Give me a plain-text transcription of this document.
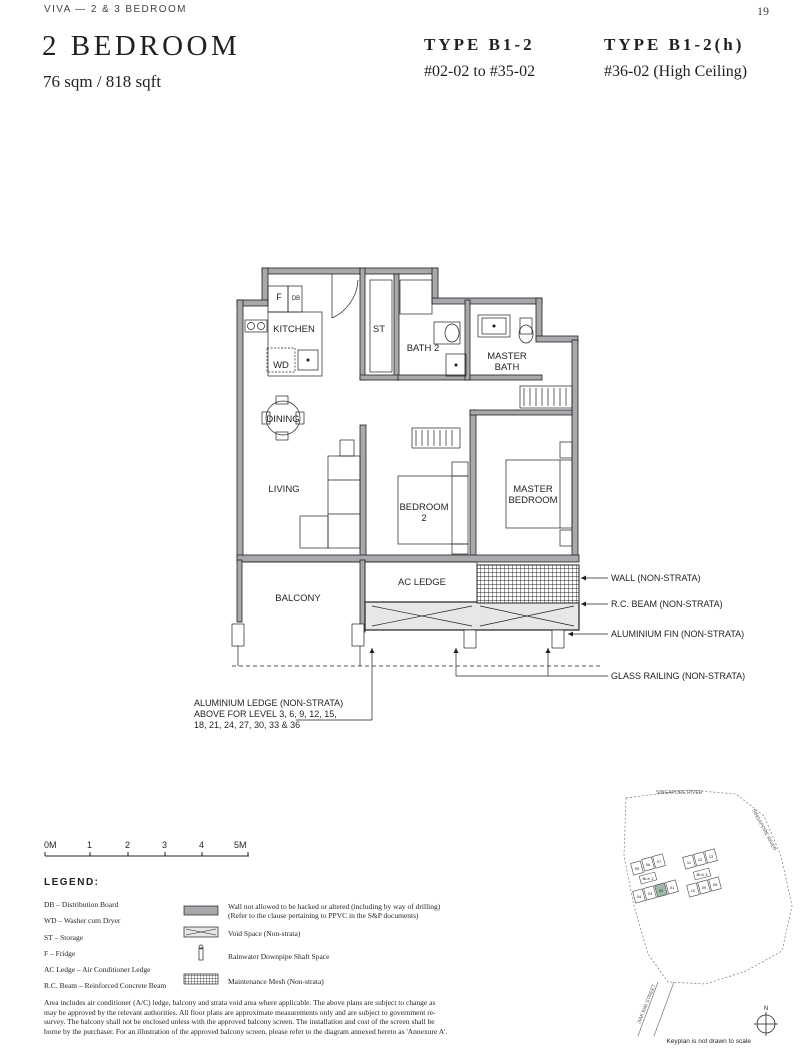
VIVA — 2 & 3 BEDROOM	19
2 BEDROOM
76 sqm / 818 sqft
TYPE B1-2
#02-02 to #35-02
TYPE B1-2(h)
#36-02 (High Ceiling)
F DB
KITCHEN
WD
ST
BATH 2
MASTER
BATH
DINING
LIVING
BEDROOM
2
MASTER
BEDROOM
BALCONY
AC LEDGE	WALL (NON-STRATA)
R.C. BEAM (NON-STRATA)
ALUMINIUM FIN (NON-STRATA)
GLASS RAILING (NON-STRATA)
ALUMINIUM LEDGE (NON-STRATA)
ABOVE FOR LEVEL 3, 6, 9, 12, 15,
18, 21, 24, 27, 30, 33 & 36
0M	1	2	3	4	5M
LEGEND:
DB – Distribution Board
WD – Washer cum Dryer
ST – Storage
F – Fridge
AC Ledge – Air Conditioner Ledge
R.C. Beam – Reinforced Concrete Beam
Wall not allowed to be hacked or altered (including by way of drilling)
(Refer to the clause pertaining to PPVC in the S&P documents)
Void Space (Non-strata)
Rainwater Downpipe Shaft Space
Maintenance Mesh (Non-strata)
Area includes air conditioner (A/C) ledge, balcony and strata void area where applicable. The above plans are subject to change as may be approved by the relevant authorities. All floor plans are approximate measurements only and are subject to government re-survey. The balcony shall not be enclosed unless with the approved balcony screen. The installation and cost of the screen shall be borne by the purchaser. For an illustration of the approved balcony screen, please refer to the diagram annexed hereto as 'Annexure A'.
SINGAPORE RIVER
SINGAPORE RIVER
JIAK KIM STREET
05
06
07
BLK 1
04
03
02
01
11
12
13
BLK 3
10
09
08
N
Keyplan is not drawn to scale
